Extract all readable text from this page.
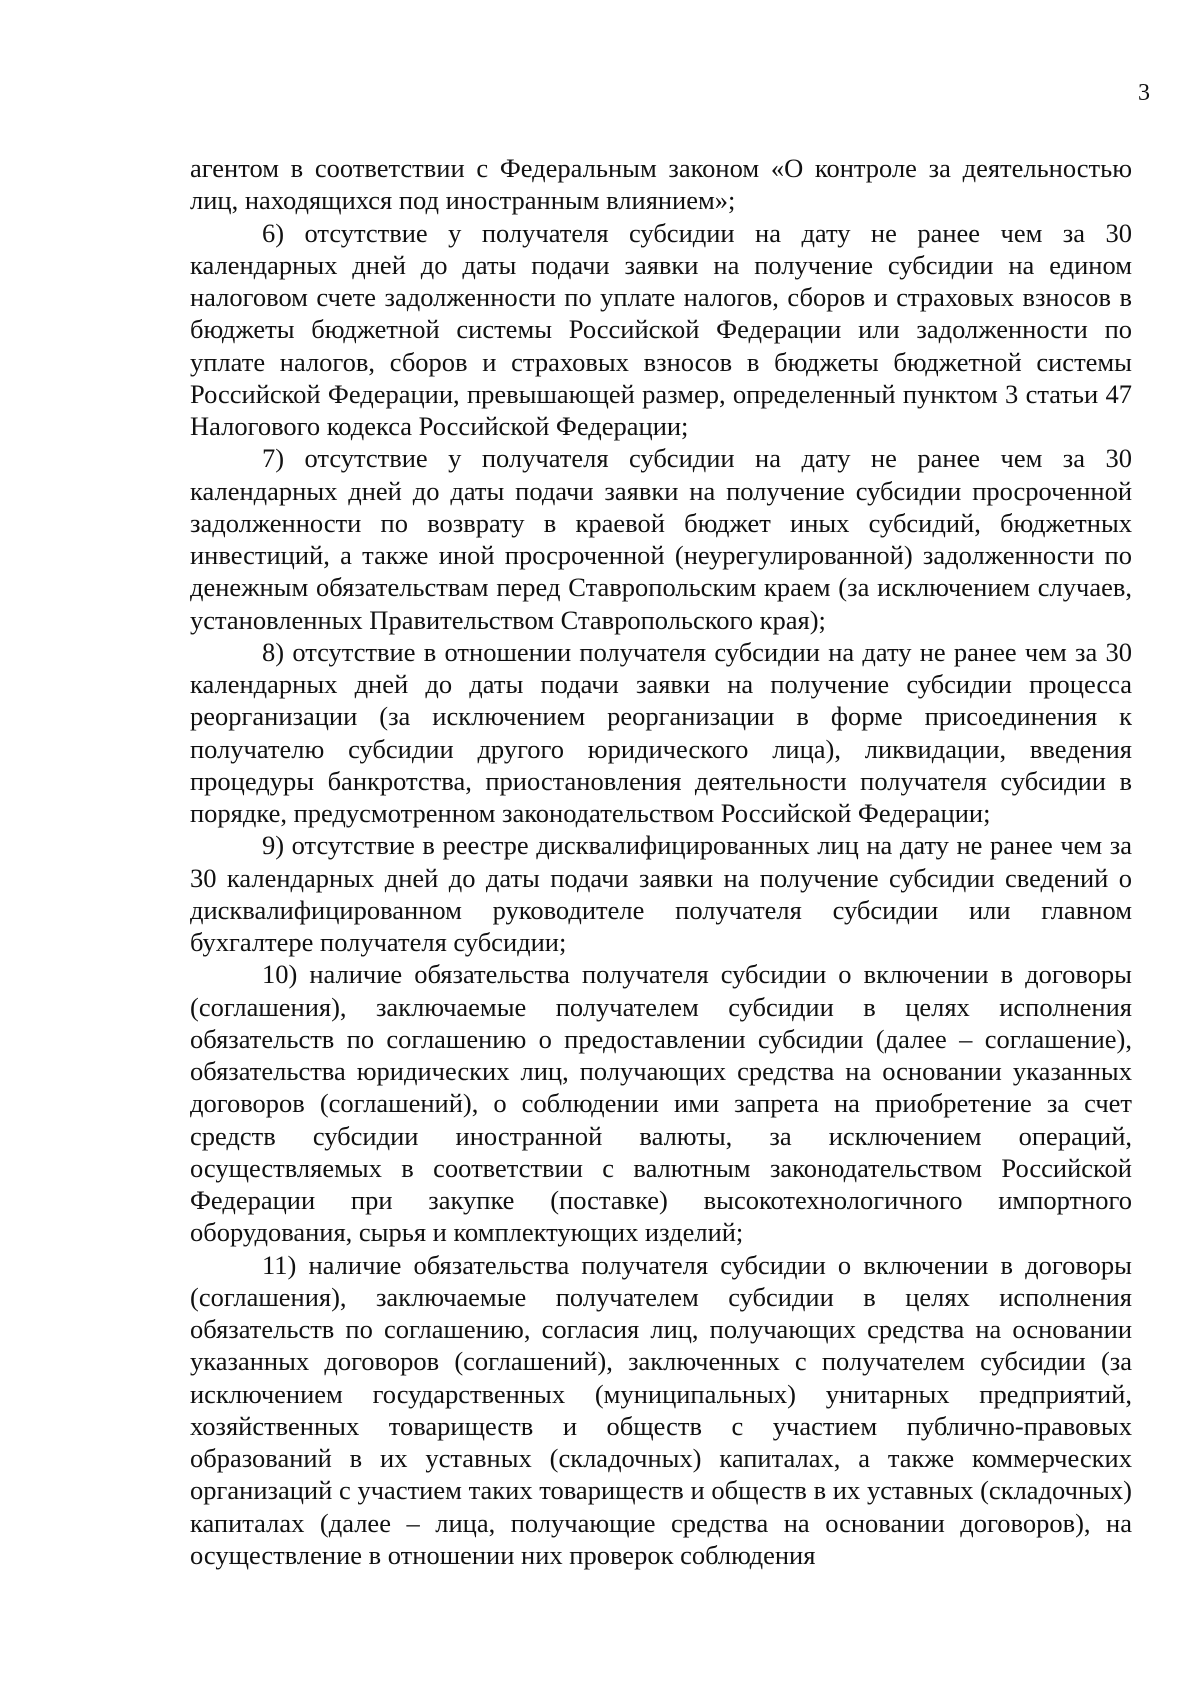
3

агентом в соответствии с Федеральным законом «О контроле за деятельностью лиц, находящихся под иностранным влиянием»;

6) отсутствие у получателя субсидии на дату не ранее чем за 30 календарных дней до даты подачи заявки на получение субсидии на едином налоговом счете задолженности по уплате налогов, сборов и страховых взносов в бюджеты бюджетной системы Российской Федерации или задолженности по уплате налогов, сборов и страховых взносов в бюджеты бюджетной системы Российской Федерации, превышающей размер, определенный пунктом 3 статьи 47 Налогового кодекса Российской Федерации;

7) отсутствие у получателя субсидии на дату не ранее чем за 30 календарных дней до даты подачи заявки на получение субсидии просроченной задолженности по возврату в краевой бюджет иных субсидий, бюджетных инвестиций, а также иной просроченной (неурегулированной) задолженности по денежным обязательствам перед Ставропольским краем (за исключением случаев, установленных Правительством Ставропольского края);

8) отсутствие в отношении получателя субсидии на дату не ранее чем за 30 календарных дней до даты подачи заявки на получение субсидии процесса реорганизации (за исключением реорганизации в форме присоединения к получателю субсидии другого юридического лица), ликвидации, введения процедуры банкротства, приостановления деятельности получателя субсидии в порядке, предусмотренном законодательством Российской Федерации;

9) отсутствие в реестре дисквалифицированных лиц на дату не ранее чем за 30 календарных дней до даты подачи заявки на получение субсидии сведений о дисквалифицированном руководителе получателя субсидии или главном бухгалтере получателя субсидии;

10) наличие обязательства получателя субсидии о включении в договоры (соглашения), заключаемые получателем субсидии в целях исполнения обязательств по соглашению о предоставлении субсидии (далее – соглашение), обязательства юридических лиц, получающих средства на основании указанных договоров (соглашений), о соблюдении ими запрета на приобретение за счет средств субсидии иностранной валюты, за исключением операций, осуществляемых в соответствии с валютным законодательством Российской Федерации при закупке (поставке) высокотехнологичного импортного оборудования, сырья и комплектующих изделий;

11) наличие обязательства получателя субсидии о включении в договоры (соглашения), заключаемые получателем субсидии в целях исполнения обязательств по соглашению, согласия лиц, получающих средства на основании указанных договоров (соглашений), заключенных с получателем субсидии (за исключением государственных (муниципальных) унитарных предприятий, хозяйственных товариществ и обществ с участием публично-правовых образований в их уставных (складочных) капиталах, а также коммерческих организаций с участием таких товариществ и обществ в их уставных (складочных) капиталах (далее – лица, получающие средства на основании договоров), на осуществление в отношении них проверок соблюдения
